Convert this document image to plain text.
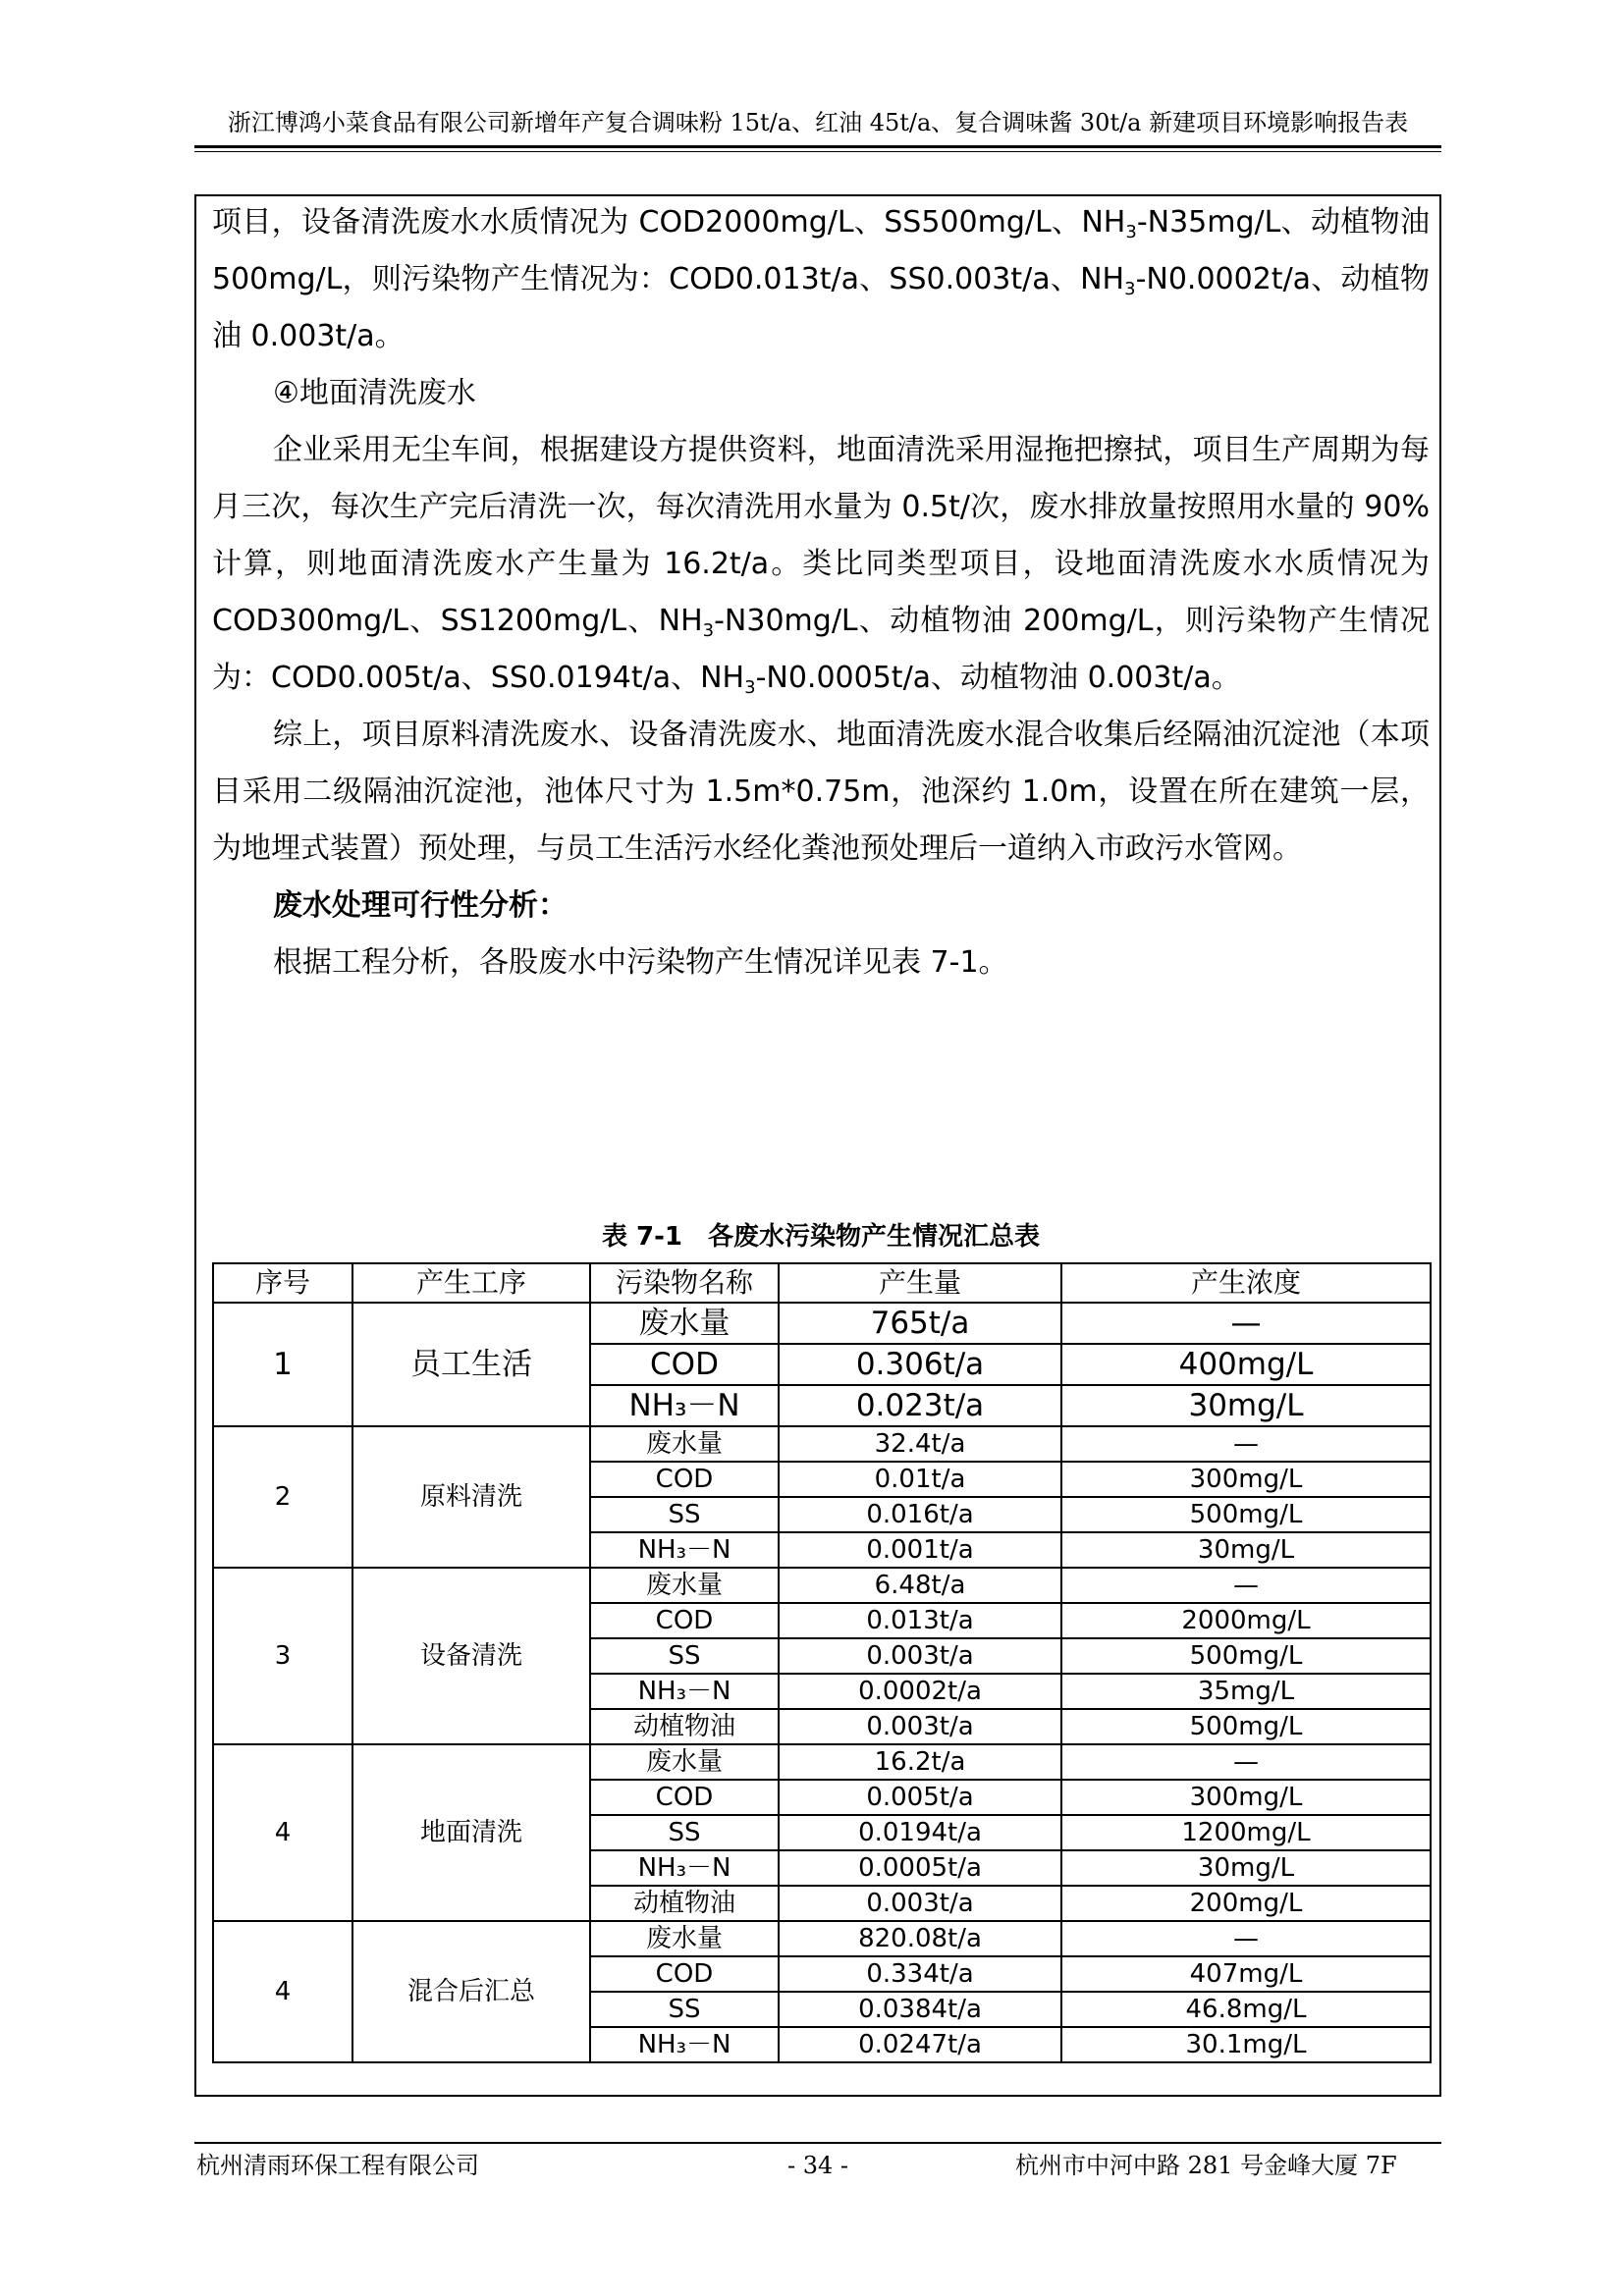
浙江博鸿小菜食品有限公司新增年产复合调味粉 15t/a、红油 45t/a、复合调味酱 30t/a 新建项目环境影响报告表

项目，设备清洗废水水质情况为 COD2000mg/L、SS500mg/L、$NH_3-N35mg/L$、动植物油 500mg/L，则污染物产生情况为：COD0.013t/a、SS0.003t/a、$NH_3-N0.0002t/a$、动植物油 0.003t/a。

④地面清洗废水

企业采用无尘车间，根据建设方提供资料，地面清洗采用湿拖把擦拭，项目生产周期为每月三次，每次生产完后清洗一次，每次清洗用水量为 0.5t/次，废水排放量按照用水量的 90%计算，则地面清洗废水产生量为 16.2t/a。类比同类型项目，设地面清洗废水水质情况为 COD300mg/L、SS1200mg/L、$NH_3-N30mg/L$、动植物油 200mg/L，则污染物产生情况为：COD0.005t/a、SS0.0194t/a、$NH_3-N0.0005t/a$、动植物油 0.003t/a。

综上，项目原料清洗废水、设备清洗废水、地面清洗废水混合收集后经隔油沉淀池（本项目采用二级隔油沉淀池，池体尺寸为 1.5m*0.75m，池深约 1.0m，设置在所在建筑一层，为地埋式装置）预处理，与员工生活污水经化粪池预处理后一道纳入市政污水管网。

废水处理可行性分析：

根据工程分析，各股废水中污染物产生情况详见表 7-1。

表 7-1　各废水污染物产生情况汇总表
序号	产生工序	污染物名称	产生量	产生浓度
1	员工生活	废水量	765t/a	—
		COD	0.306t/a	400mg/L
		NH₃－N	0.023t/a	30mg/L
2	原料清洗	废水量	32.4t/a	—
		COD	0.01t/a	300mg/L
		SS	0.016t/a	500mg/L
		NH₃－N	0.001t/a	30mg/L
3	设备清洗	废水量	6.48t/a	—
		COD	0.013t/a	2000mg/L
		SS	0.003t/a	500mg/L
		NH₃－N	0.0002t/a	35mg/L
		动植物油	0.003t/a	500mg/L
4	地面清洗	废水量	16.2t/a	—
		COD	0.005t/a	300mg/L
		SS	0.0194t/a	1200mg/L
		NH₃－N	0.0005t/a	30mg/L
		动植物油	0.003t/a	200mg/L
4	混合后汇总	废水量	820.08t/a	—
		COD	0.334t/a	407mg/L
		SS	0.0384t/a	46.8mg/L
		NH₃－N	0.0247t/a	30.1mg/L
杭州清雨环保工程有限公司	- 34 -	杭州市中河中路 281 号金峰大厦 7F
